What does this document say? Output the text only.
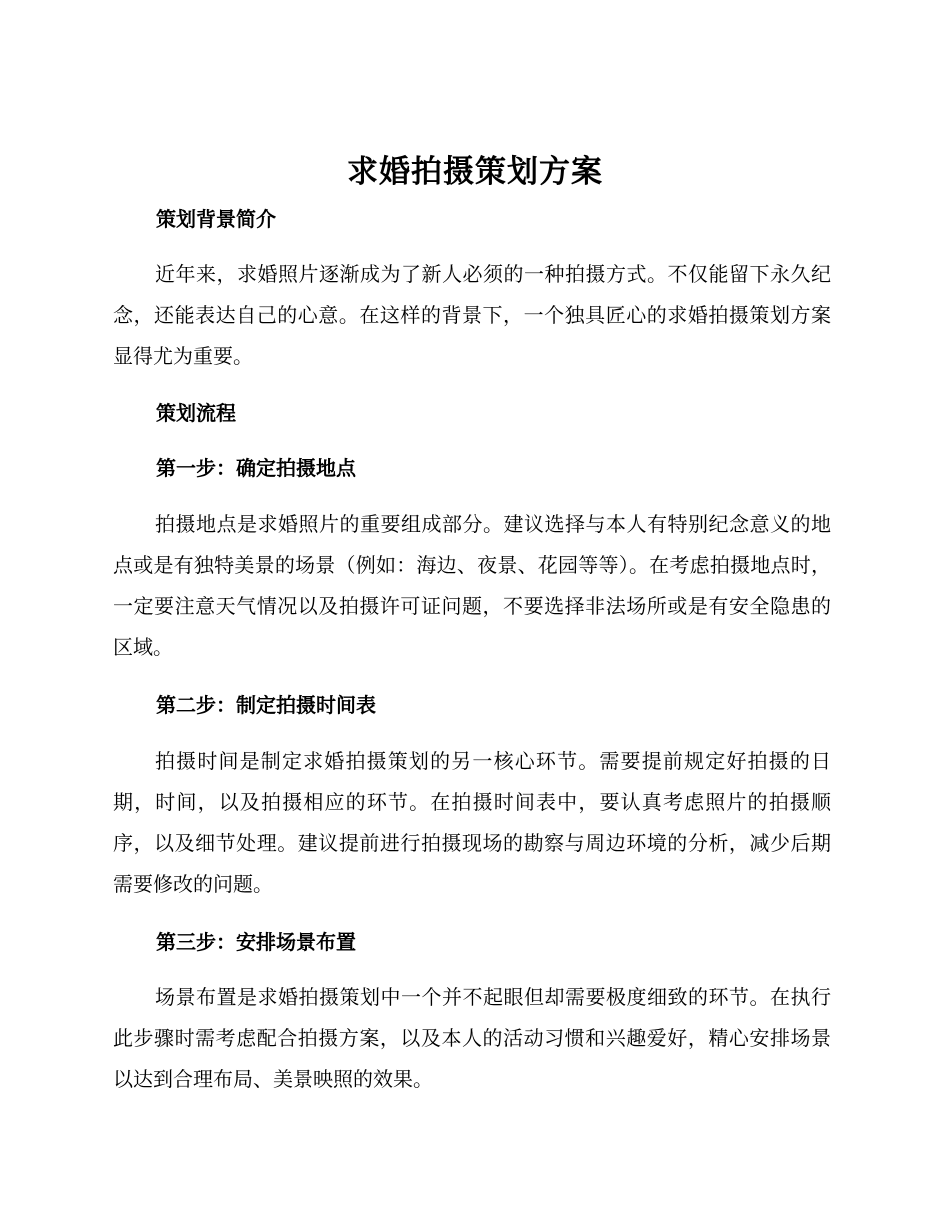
求婚拍摄策划方案
策划背景简介
近年来，求婚照片逐渐成为了新人必须的一种拍摄方式。不仅能留下永久纪念，还能表达自己的心意。在这样的背景下，一个独具匠心的求婚拍摄策划方案显得尤为重要。
策划流程
第一步：确定拍摄地点
拍摄地点是求婚照片的重要组成部分。建议选择与本人有特别纪念意义的地点或是有独特美景的场景（例如：海边、夜景、花园等等）。在考虑拍摄地点时，一定要注意天气情况以及拍摄许可证问题，不要选择非法场所或是有安全隐患的区域。
第二步：制定拍摄时间表
拍摄时间是制定求婚拍摄策划的另一核心环节。需要提前规定好拍摄的日期，时间，以及拍摄相应的环节。在拍摄时间表中，要认真考虑照片的拍摄顺序，以及细节处理。建议提前进行拍摄现场的勘察与周边环境的分析，减少后期需要修改的问题。
第三步：安排场景布置
场景布置是求婚拍摄策划中一个并不起眼但却需要极度细致的环节。在执行此步骤时需考虑配合拍摄方案，以及本人的活动习惯和兴趣爱好，精心安排场景以达到合理布局、美景映照的效果。
